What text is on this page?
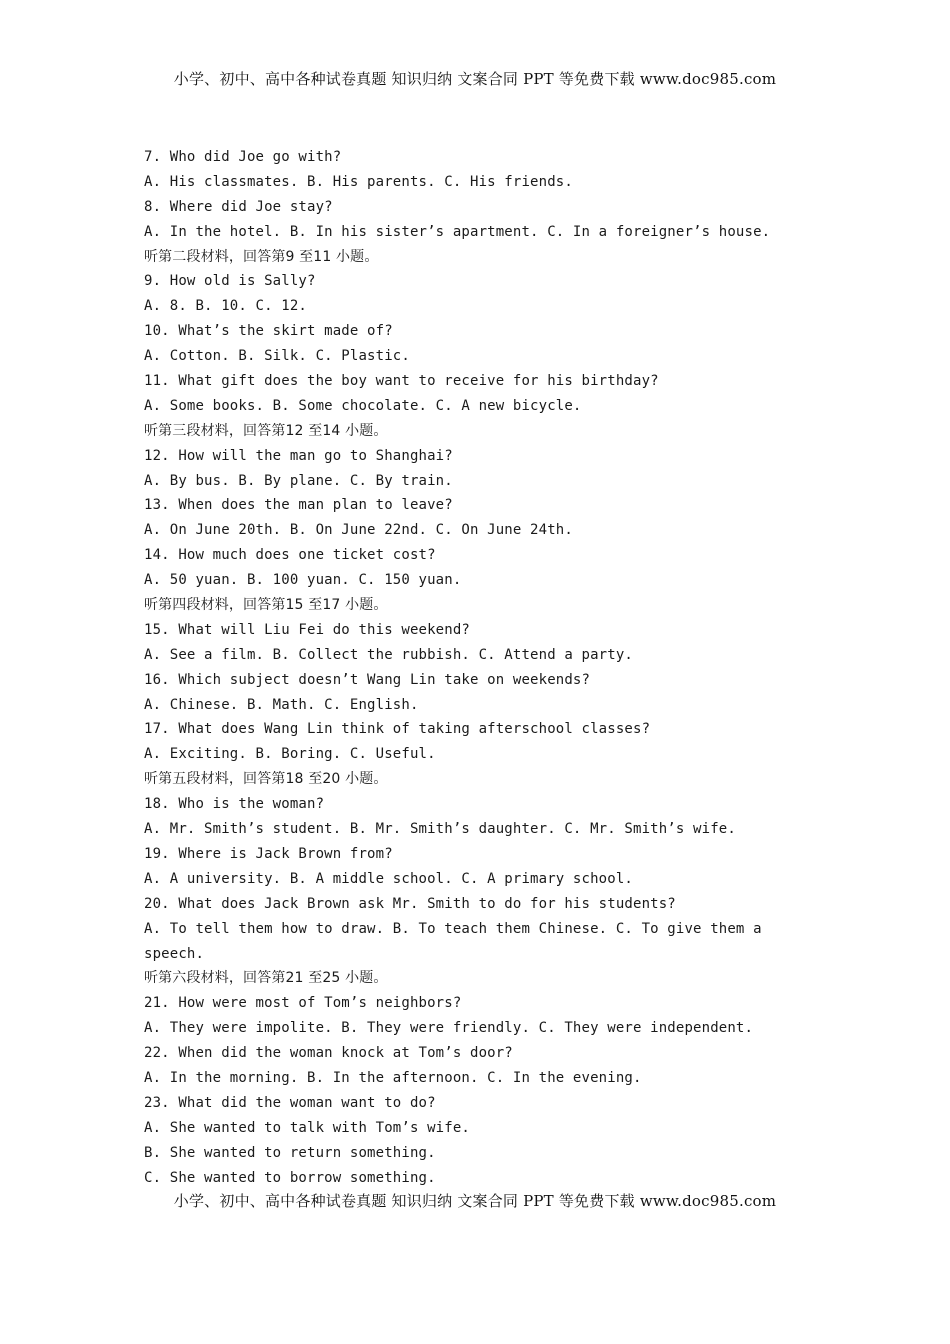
小学、初中、高中各种试卷真题 知识归纳 文案合同 PPT 等免费下载 www.doc985.com
7. Who did Joe go with?
A. His classmates. B. His parents. C. His friends.
8. Where did Joe stay?
A. In the hotel. B. In his sister’s apartment. C. In a foreigner’s house.
听第二段材料，回答第9 至11 小题。
9. How old is Sally?
A. 8. B. 10. C. 12.
10. What’s the skirt made of?
A. Cotton. B. Silk. C. Plastic.
11. What gift does the boy want to receive for his birthday?
A. Some books. B. Some chocolate. C. A new bicycle.
听第三段材料，回答第12 至14 小题。
12. How will the man go to Shanghai?
A. By bus. B. By plane. C. By train.
13. When does the man plan to leave?
A. On June 20th. B. On June 22nd. C. On June 24th.
14. How much does one ticket cost?
A. 50 yuan. B. 100 yuan. C. 150 yuan.
听第四段材料，回答第15 至17 小题。
15. What will Liu Fei do this weekend?
A. See a film. B. Collect the rubbish. C. Attend a party.
16. Which subject doesn’t Wang Lin take on weekends?
A. Chinese. B. Math. C. English.
17. What does Wang Lin think of taking afterschool classes?
A. Exciting. B. Boring. C. Useful.
听第五段材料，回答第18 至20 小题。
18. Who is the woman?
A. Mr. Smith’s student. B. Mr. Smith’s daughter. C. Mr. Smith’s wife.
19. Where is Jack Brown from?
A. A university. B. A middle school. C. A primary school.
20. What does Jack Brown ask Mr. Smith to do for his students?
A. To tell them how to draw. B. To teach them Chinese. C. To give them a
speech.
听第六段材料，回答第21 至25 小题。
21. How were most of Tom’s neighbors?
A. They were impolite. B. They were friendly. C. They were independent.
22. When did the woman knock at Tom’s door?
A. In the morning. B. In the afternoon. C. In the evening.
23. What did the woman want to do?
A. She wanted to talk with Tom’s wife.
B. She wanted to return something.
C. She wanted to borrow something.
小学、初中、高中各种试卷真题 知识归纳 文案合同 PPT 等免费下载 www.doc985.com
